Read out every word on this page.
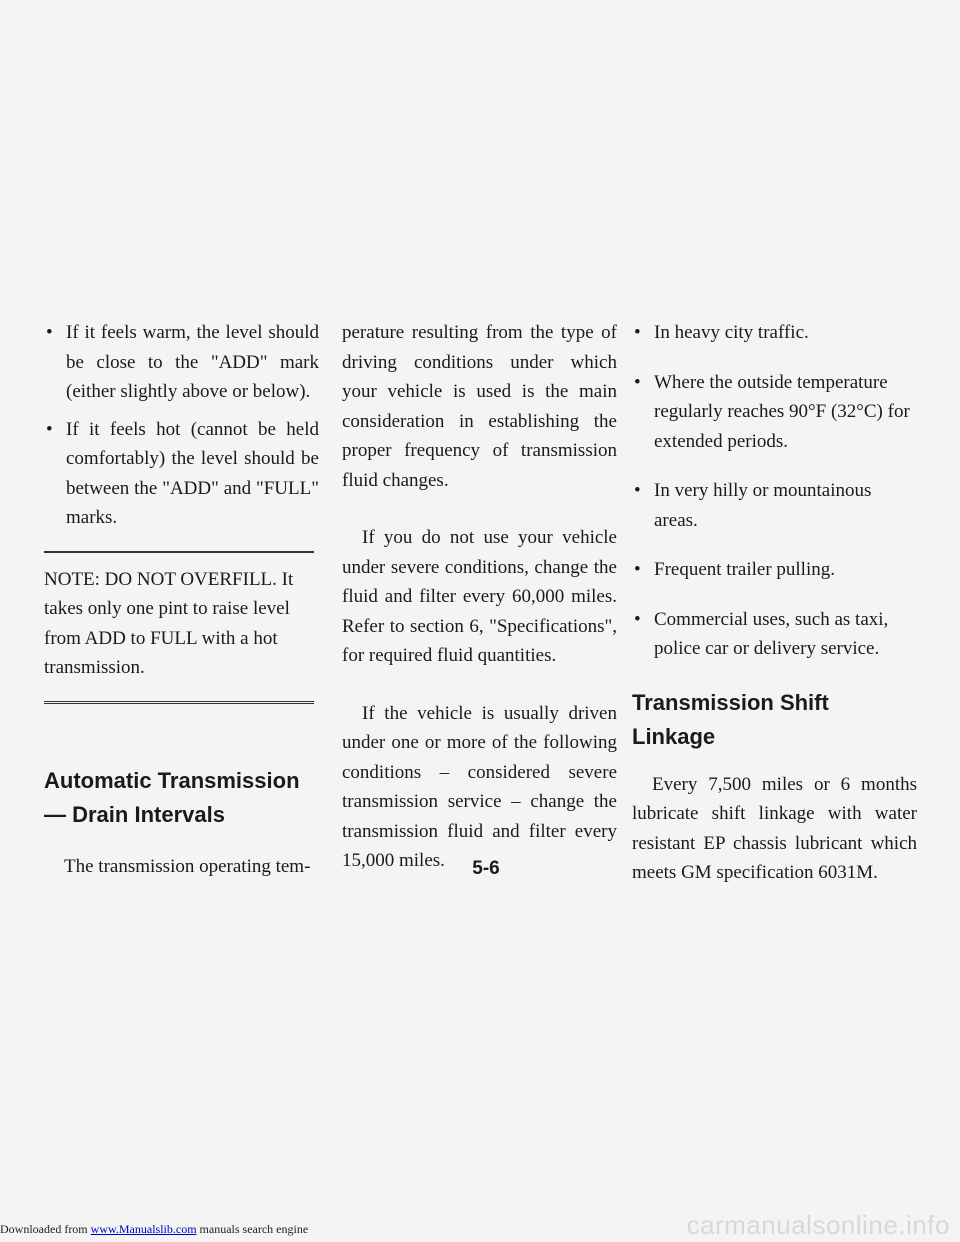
• If it feels warm, the level should be close to the "ADD" mark (either slightly above or below).
• If it feels hot (cannot be held comfortably) the level should be between the "ADD" and "FULL" marks.

NOTE: DO NOT OVERFILL. It takes only one pint to raise level from ADD to FULL with a hot transmission.

Automatic Transmission— Drain Intervals

The transmission operating tem-

perature resulting from the type of driving conditions under which your vehicle is used is the main consideration in establishing the proper frequency of transmission fluid changes.

If you do not use your vehicle under severe conditions, change the fluid and filter every 60,000 miles. Refer to section 6, "Specifications", for required fluid quantities.

If the vehicle is usually driven under one or more of the following conditions – considered severe transmission service – change the transmission fluid and filter every 15,000 miles.

• In heavy city traffic.
• Where the outside temperature regularly reaches 90°F (32°C) for extended periods.
• In very hilly or mountainous areas.
• Frequent trailer pulling.
• Commercial uses, such as taxi, police car or delivery service.
Transmission Shift Linkage

Every 7,500 miles or 6 months lubricate shift linkage with water resistant EP chassis lubricant which meets GM specification 6031M.

5-6
Downloaded from www.Manualslib.com manuals search engine	carmanualsonline.info
